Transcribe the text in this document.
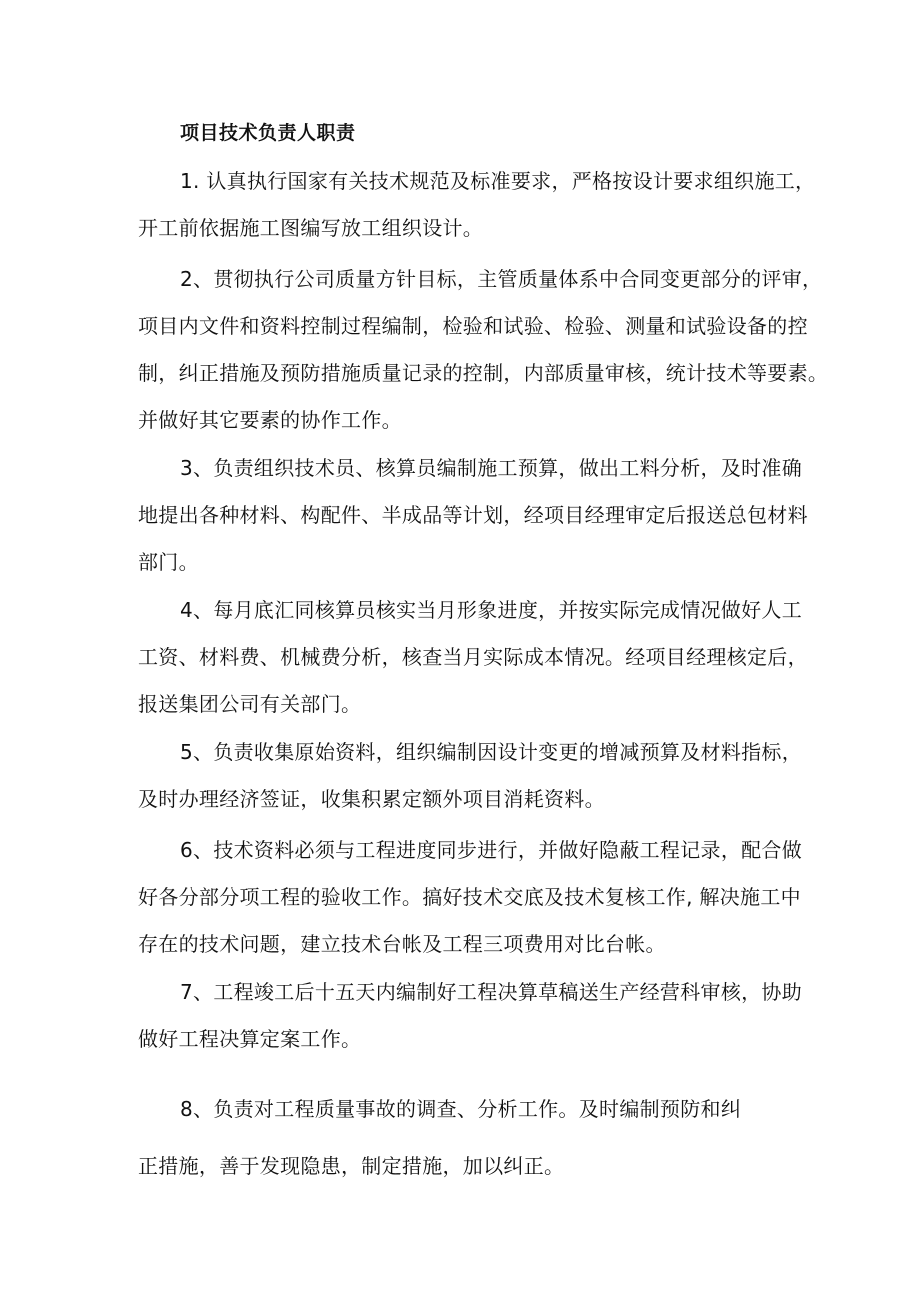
项目技术负责人职责
1. 认真执行国家有关技术规范及标准要求，严格按设计要求组织施工，
开工前依据施工图编写放工组织设计。
2、贯彻执行公司质量方针目标，主管质量体系中合同变更部分的评审，
项目内文件和资料控制过程编制，检验和试验、检验、测量和试验设备的控
制，纠正措施及预防措施质量记录的控制，内部质量审核，统计技术等要素。
并做好其它要素的协作工作。
3、负责组织技术员、核算员编制施工预算，做出工料分析，及时准确
地提出各种材料、构配件、半成品等计划，经项目经理审定后报送总包材料
部门。
4、每月底汇同核算员核实当月形象进度，并按实际完成情况做好人工
工资、材料费、机械费分析，核查当月实际成本情况。经项目经理核定后，
报送集团公司有关部门。
5、负责收集原始资料，组织编制因设计变更的增减预算及材料指标，
及时办理经济签证，收集积累定额外项目消耗资料。
6、技术资料必须与工程进度同步进行，并做好隐蔽工程记录，配合做
好各分部分项工程的验收工作。搞好技术交底及技术复核工作, 解决施工中
存在的技术问题，建立技术台帐及工程三项费用对比台帐。
7、工程竣工后十五天内编制好工程决算草稿送生产经营科审核，协助
做好工程决算定案工作。
8、负责对工程质量事故的调查、分析工作。及时编制预防和纠
正措施，善于发现隐患，制定措施，加以纠正。
